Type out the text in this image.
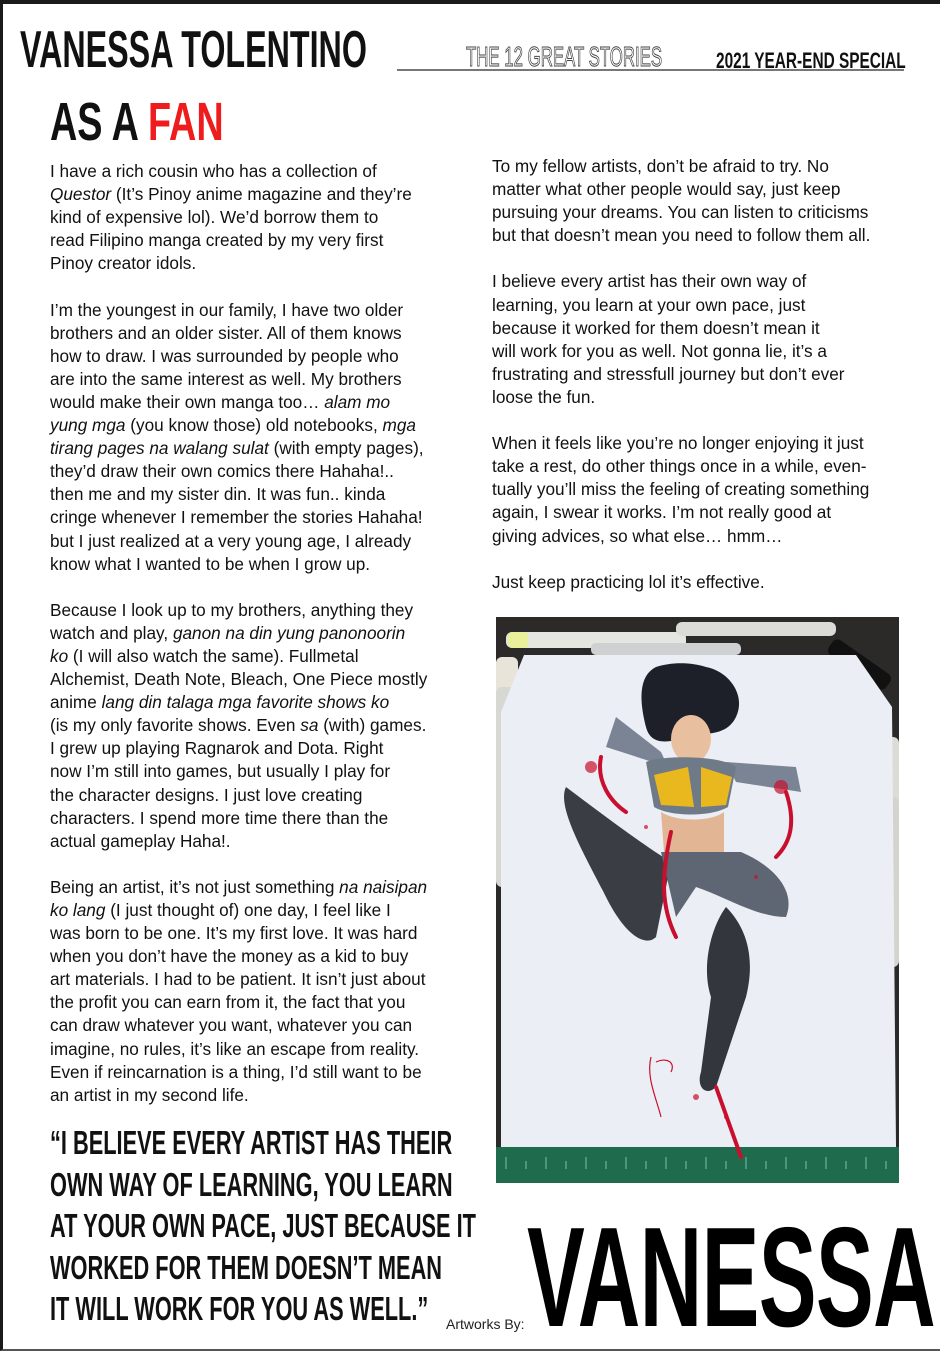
VANESSA TOLENTINO	THE 12 GREAT STORIES 2021 YEAR-END SPECIAL
AS A FAN

I have a rich cousin who has a collection of
Questor (It’s Pinoy anime magazine and they’re
kind of expensive lol). We’d borrow them to
read Filipino manga created by my very first
Pinoy creator idols.

I’m the youngest in our family, I have two older
brothers and an older sister. All of them knows
how to draw. I was surrounded by people who
are into the same interest as well. My brothers
would make their own manga too… alam mo
yung mga (you know those) old notebooks, mga
tirang pages na walang sulat (with empty pages),
they’d draw their own comics there Hahaha!..
then me and my sister din. It was fun.. kinda
cringe whenever I remember the stories Hahaha!
but I just realized at a very young age, I already
know what I wanted to be when I grow up.

Because I look up to my brothers, anything they
watch and play, ganon na din yung panonoorin
ko (I will also watch the same). Fullmetal
Alchemist, Death Note, Bleach, One Piece mostly
anime lang din talaga mga favorite shows ko
(is my only favorite shows. Even sa (with) games.
I grew up playing Ragnarok and Dota. Right
now I’m still into games, but usually I play for
the character designs. I just love creating
characters. I spend more time there than the
actual gameplay Haha!.

Being an artist, it’s not just something na naisipan
ko lang (I just thought of) one day, I feel like I
was born to be one. It’s my first love. It was hard
when you don’t have the money as a kid to buy
art materials. I had to be patient. It isn’t just about
the profit you can earn from it, the fact that you
can draw whatever you want, whatever you can
imagine, no rules, it’s like an escape from reality.
Even if reincarnation is a thing, I’d still want to be
an artist in my second life.

To my fellow artists, don’t be afraid to try. No
matter what other people would say, just keep
pursuing your dreams. You can listen to criticisms
but that doesn’t mean you need to follow them all.

I believe every artist has their own way of
learning, you learn at your own pace, just
because it worked for them doesn’t mean it
will work for you as well. Not gonna lie, it’s a
frustrating and stressfull journey but don’t ever
loose the fun.

When it feels like you’re no longer enjoying it just
take a rest, do other things once in a while, even-
tually you’ll miss the feeling of creating something
again, I swear it works. I’m not really good at
giving advices, so what else… hmm…

Just keep practicing lol it’s effective.

“I BELIEVE EVERY ARTIST HAS THEIR
OWN WAY OF LEARNING, YOU LEARN
AT YOUR OWN PACE, JUST BECAUSE IT
WORKED FOR THEM DOESN’T MEAN
IT WILL WORK FOR YOU AS WELL.”	Artworks By: VANESSA
